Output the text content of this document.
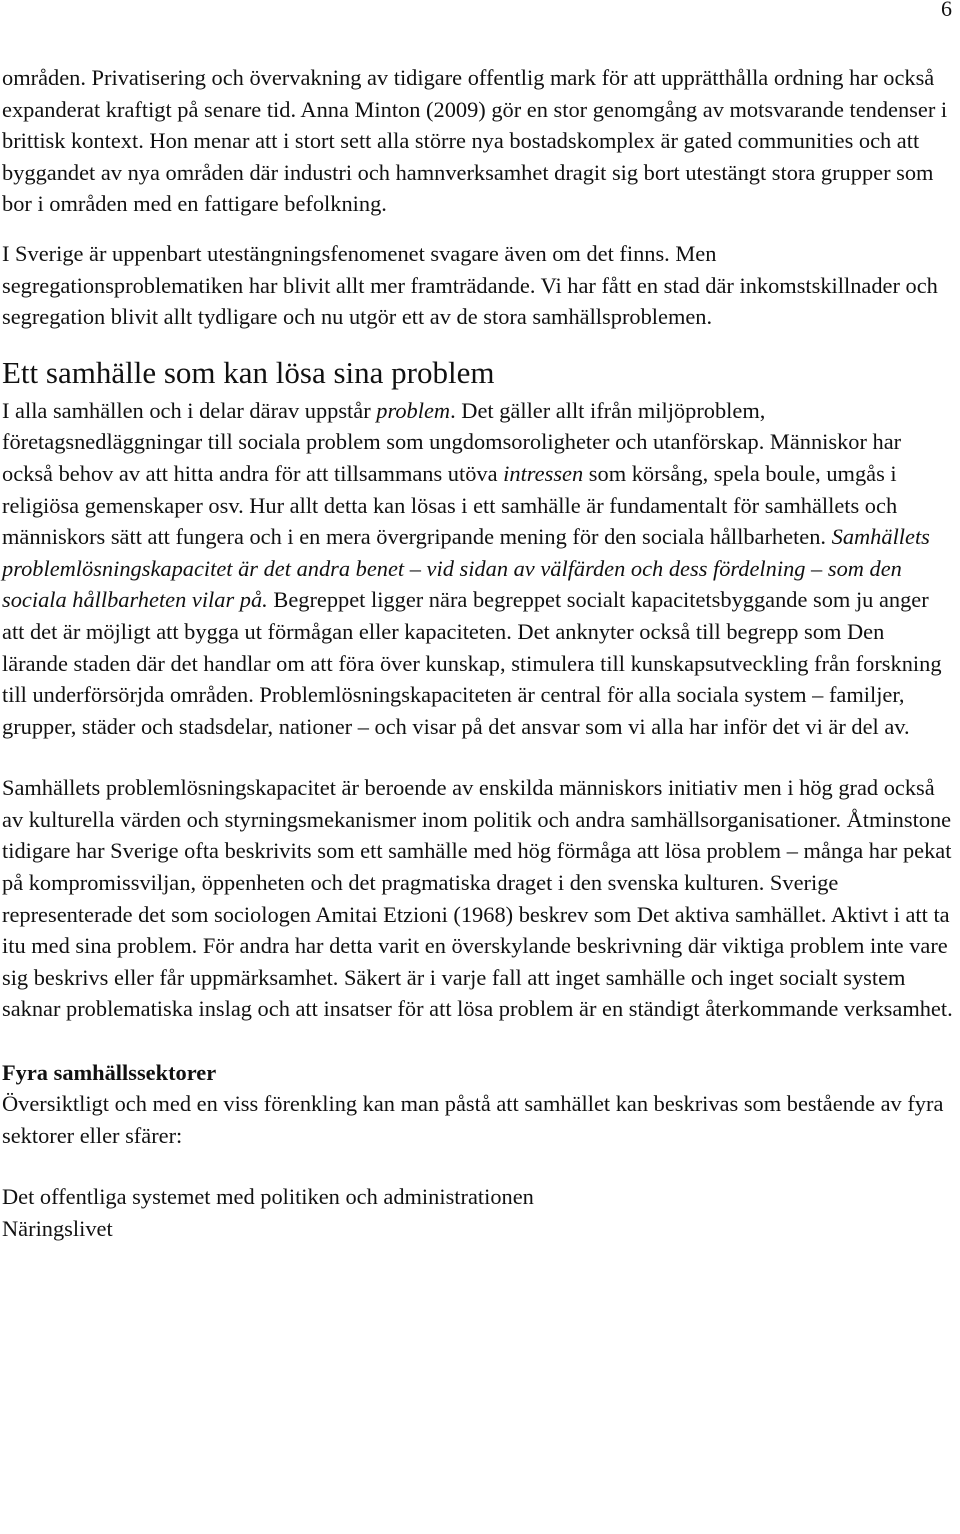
6

områden. Privatisering och övervakning av tidigare offentlig mark för att upprätthålla ordning har också expanderat kraftigt på senare tid. Anna Minton (2009) gör en stor genomgång av motsvarande tendenser i brittisk kontext. Hon menar att i stort sett alla större nya bostadskomplex är gated communities och att byggandet av nya områden där industri och hamnverksamhet dragit sig bort utestängt stora grupper som bor i områden med en fattigare befolkning.

I Sverige är uppenbart utestängningsfenomenet svagare även om det finns. Men segregationsproblematiken har blivit allt mer framträdande. Vi har fått en stad där inkomstskillnader och segregation blivit allt tydligare och nu utgör ett av de stora samhällsproblemen.

Ett samhälle som kan lösa sina problem

I alla samhällen och i delar därav uppstår problem. Det gäller allt ifrån miljöproblem, företagsnedläggningar till sociala problem som ungdomsoroligheter och utanförskap. Människor har också behov av att hitta andra för att tillsammans utöva intressen som körsång, spela boule, umgås i religiösa gemenskaper osv. Hur allt detta kan lösas i ett samhälle är fundamentalt för samhällets och människors sätt att fungera och i en mera övergripande mening för den sociala hållbarheten. Samhällets problemlösningskapacitet är det andra benet – vid sidan av välfärden och dess fördelning – som den sociala hållbarheten vilar på. Begreppet ligger nära begreppet socialt kapacitetsbyggande som ju anger att det är möjligt att bygga ut förmågan eller kapaciteten. Det anknyter också till begrepp som Den lärande staden där det handlar om att föra över kunskap, stimulera till kunskapsutveckling från forskning till underförsörjda områden. Problemlösningskapaciteten är central för alla sociala system – familjer, grupper, städer och stadsdelar, nationer – och visar på det ansvar som vi alla har inför det vi är del av.

Samhällets problemlösningskapacitet är beroende av enskilda människors initiativ men i hög grad också av kulturella värden och styrningsmekanismer inom politik och andra samhällsorganisationer. Åtminstone tidigare har Sverige ofta beskrivits som ett samhälle med hög förmåga att lösa problem – många har pekat på kompromissviljan, öppenheten och det pragmatiska draget i den svenska kulturen. Sverige representerade det som sociologen Amitai Etzioni (1968) beskrev som Det aktiva samhället. Aktivt i att ta itu med sina problem. För andra har detta varit en överskylande beskrivning där viktiga problem inte vare sig beskrivs eller får uppmärksamhet. Säkert är i varje fall att inget samhälle och inget socialt system saknar problematiska inslag och att insatser för att lösa problem är en ständigt återkommande verksamhet.

Fyra samhällssektorer

Översiktligt och med en viss förenkling kan man påstå att samhället kan beskrivas som bestående av fyra sektorer eller sfärer:

Det offentliga systemet med politiken och administrationen
Näringslivet
